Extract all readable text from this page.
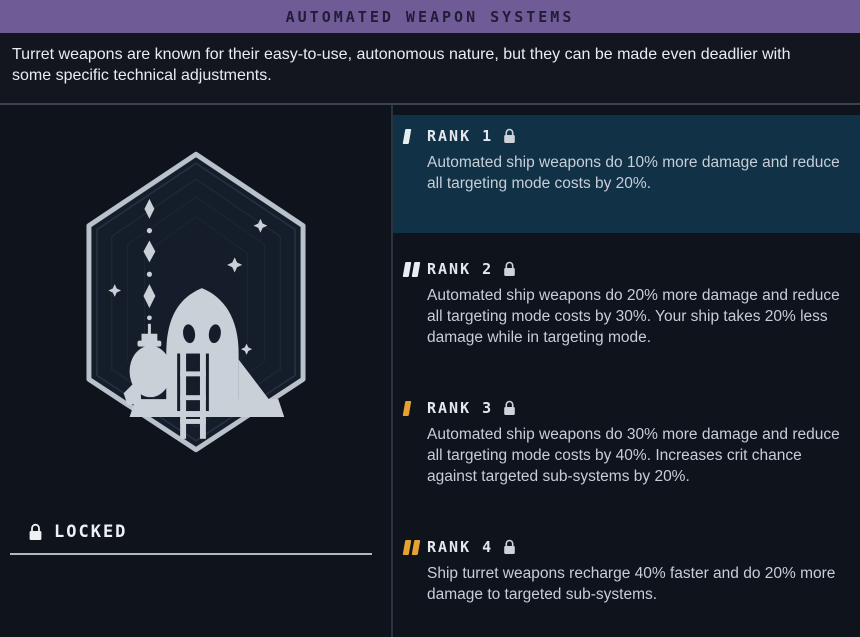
AUTOMATED WEAPON SYSTEMS
Turret weapons are known for their easy-to-use, autonomous nature, but they can be made even deadlier with some specific technical adjustments.
LOCKED
RANK 1
Automated ship weapons do 10% more damage and reduce all targeting mode costs by 20%.
RANK 2
Automated ship weapons do 20% more damage and reduce all targeting mode costs by 30%. Your ship takes 20% less damage while in targeting mode.
RANK 3
Automated ship weapons do 30% more damage and reduce all targeting mode costs by 40%. Increases crit chance against targeted sub-systems by 20%.
RANK 4
Ship turret weapons recharge 40% faster and do 20% more damage to targeted sub-systems.
